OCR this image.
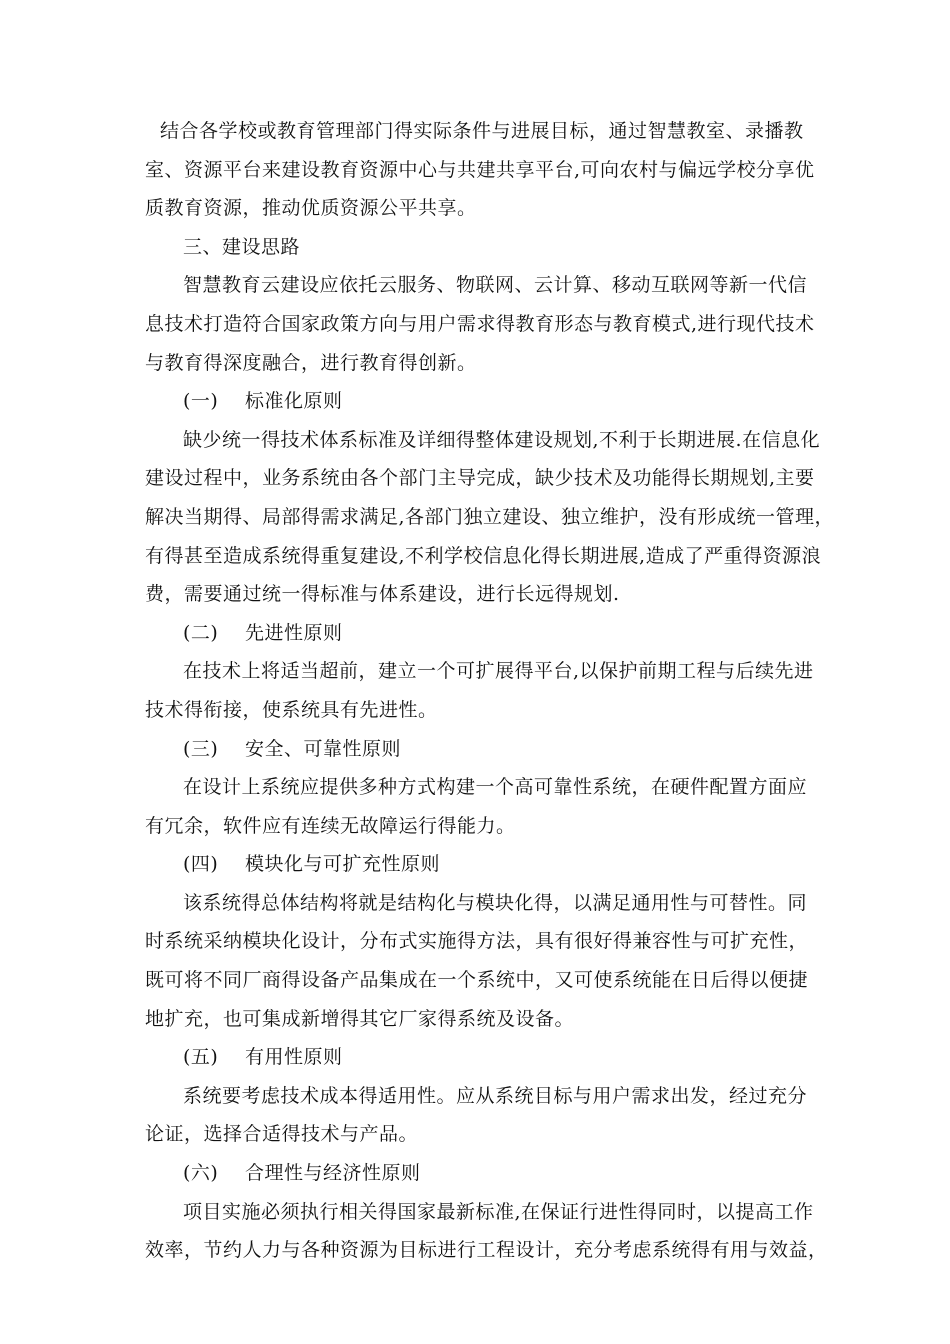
结合各学校或教育管理部门得实际条件与进展目标，通过智慧教室、录播教
室、资源平台来建设教育资源中心与共建共享平台,可向农村与偏远学校分享优
质教育资源，推动优质资源公平共享。
三、建设思路
智慧教育云建设应依托云服务、物联网、云计算、移动互联网等新一代信
息技术打造符合国家政策方向与用户需求得教育形态与教育模式,进行现代技术
与教育得深度融合，进行教育得创新。
(一) 标准化原则
缺少统一得技术体系标准及详细得整体建设规划,不利于长期进展.在信息化
建设过程中，业务系统由各个部门主导完成，缺少技术及功能得长期规划,主要
解决当期得、局部得需求满足,各部门独立建设、独立维护，没有形成统一管理，
有得甚至造成系统得重复建设,不利学校信息化得长期进展,造成了严重得资源浪
费，需要通过统一得标准与体系建设，进行长远得规划.
(二) 先进性原则
在技术上将适当超前，建立一个可扩展得平台,以保护前期工程与后续先进
技术得衔接，使系统具有先进性。
(三) 安全、可靠性原则
在设计上系统应提供多种方式构建一个高可靠性系统，在硬件配置方面应
有冗余，软件应有连续无故障运行得能力。
(四) 模块化与可扩充性原则
该系统得总体结构将就是结构化与模块化得，以满足通用性与可替性。同
时系统采纳模块化设计，分布式实施得方法，具有很好得兼容性与可扩充性，
既可将不同厂商得设备产品集成在一个系统中，又可使系统能在日后得以便捷
地扩充，也可集成新增得其它厂家得系统及设备。
(五) 有用性原则
系统要考虑技术成本得适用性。应从系统目标与用户需求出发，经过充分
论证，选择合适得技术与产品。
(六) 合理性与经济性原则
项目实施必须执行相关得国家最新标准,在保证行进性得同时，以提高工作
效率，节约人力与各种资源为目标进行工程设计，充分考虑系统得有用与效益，
